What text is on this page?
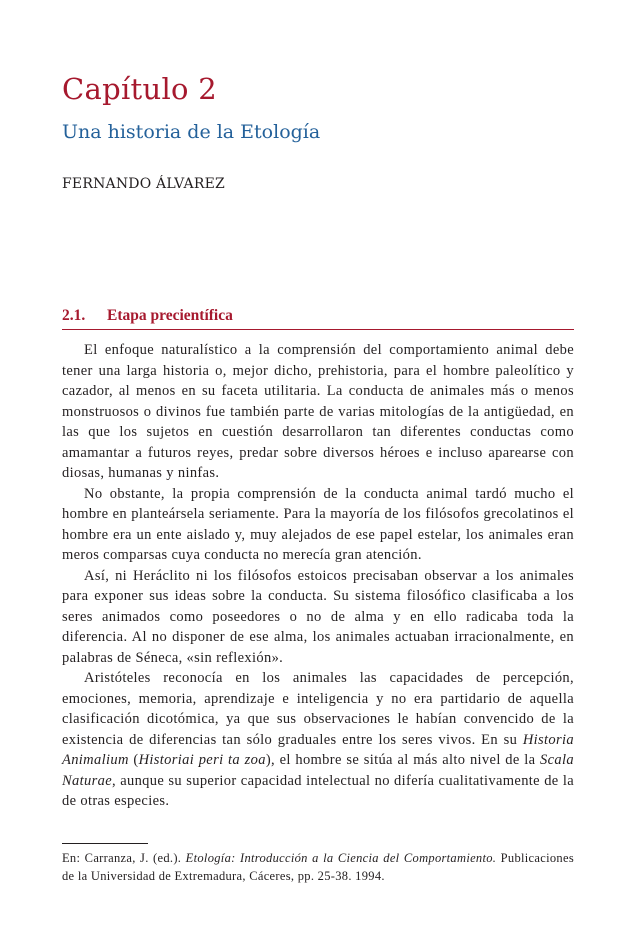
Capítulo 2
Una historia de la Etología
FERNANDO ÁLVAREZ
2.1. Etapa precientífica

El enfoque naturalístico a la comprensión del comportamiento animal debe tener una larga historia o, mejor dicho, prehistoria, para el hombre paleolítico y cazador, al menos en su faceta utilitaria. La conducta de animales más o menos monstruosos o divinos fue también parte de varias mitologías de la antigüedad, en las que los sujetos en cuestión desarrollaron tan diferentes conductas como amamantar a futuros reyes, predar sobre diversos héroes e incluso aparearse con diosas, humanas y ninfas.

No obstante, la propia comprensión de la conducta animal tardó mucho el hombre en planteársela seriamente. Para la mayoría de los filósofos grecolatinos el hombre era un ente aislado y, muy alejados de ese papel estelar, los animales eran meros comparsas cuya conducta no merecía gran atención.

Así, ni Heráclito ni los filósofos estoicos precisaban observar a los animales para exponer sus ideas sobre la conducta. Su sistema filosófico clasificaba a los seres animados como poseedores o no de alma y en ello radicaba toda la diferencia. Al no disponer de ese alma, los animales actuaban irracionalmente, en palabras de Séneca, «sin reflexión».

Aristóteles reconocía en los animales las capacidades de percepción, emociones, memoria, aprendizaje e inteligencia y no era partidario de aquella clasificación dicotómica, ya que sus observaciones le habían convencido de la existencia de diferencias tan sólo graduales entre los seres vivos. En su Historia Animalium (Historiai peri ta zoa), el hombre se sitúa al más alto nivel de la Scala Naturae, aunque su superior capacidad intelectual no difería cualitativamente de la de otras especies.

En: Carranza, J. (ed.). Etología: Introducción a la Ciencia del Comportamiento. Publicaciones de la Universidad de Extremadura, Cáceres, pp. 25-38. 1994.
